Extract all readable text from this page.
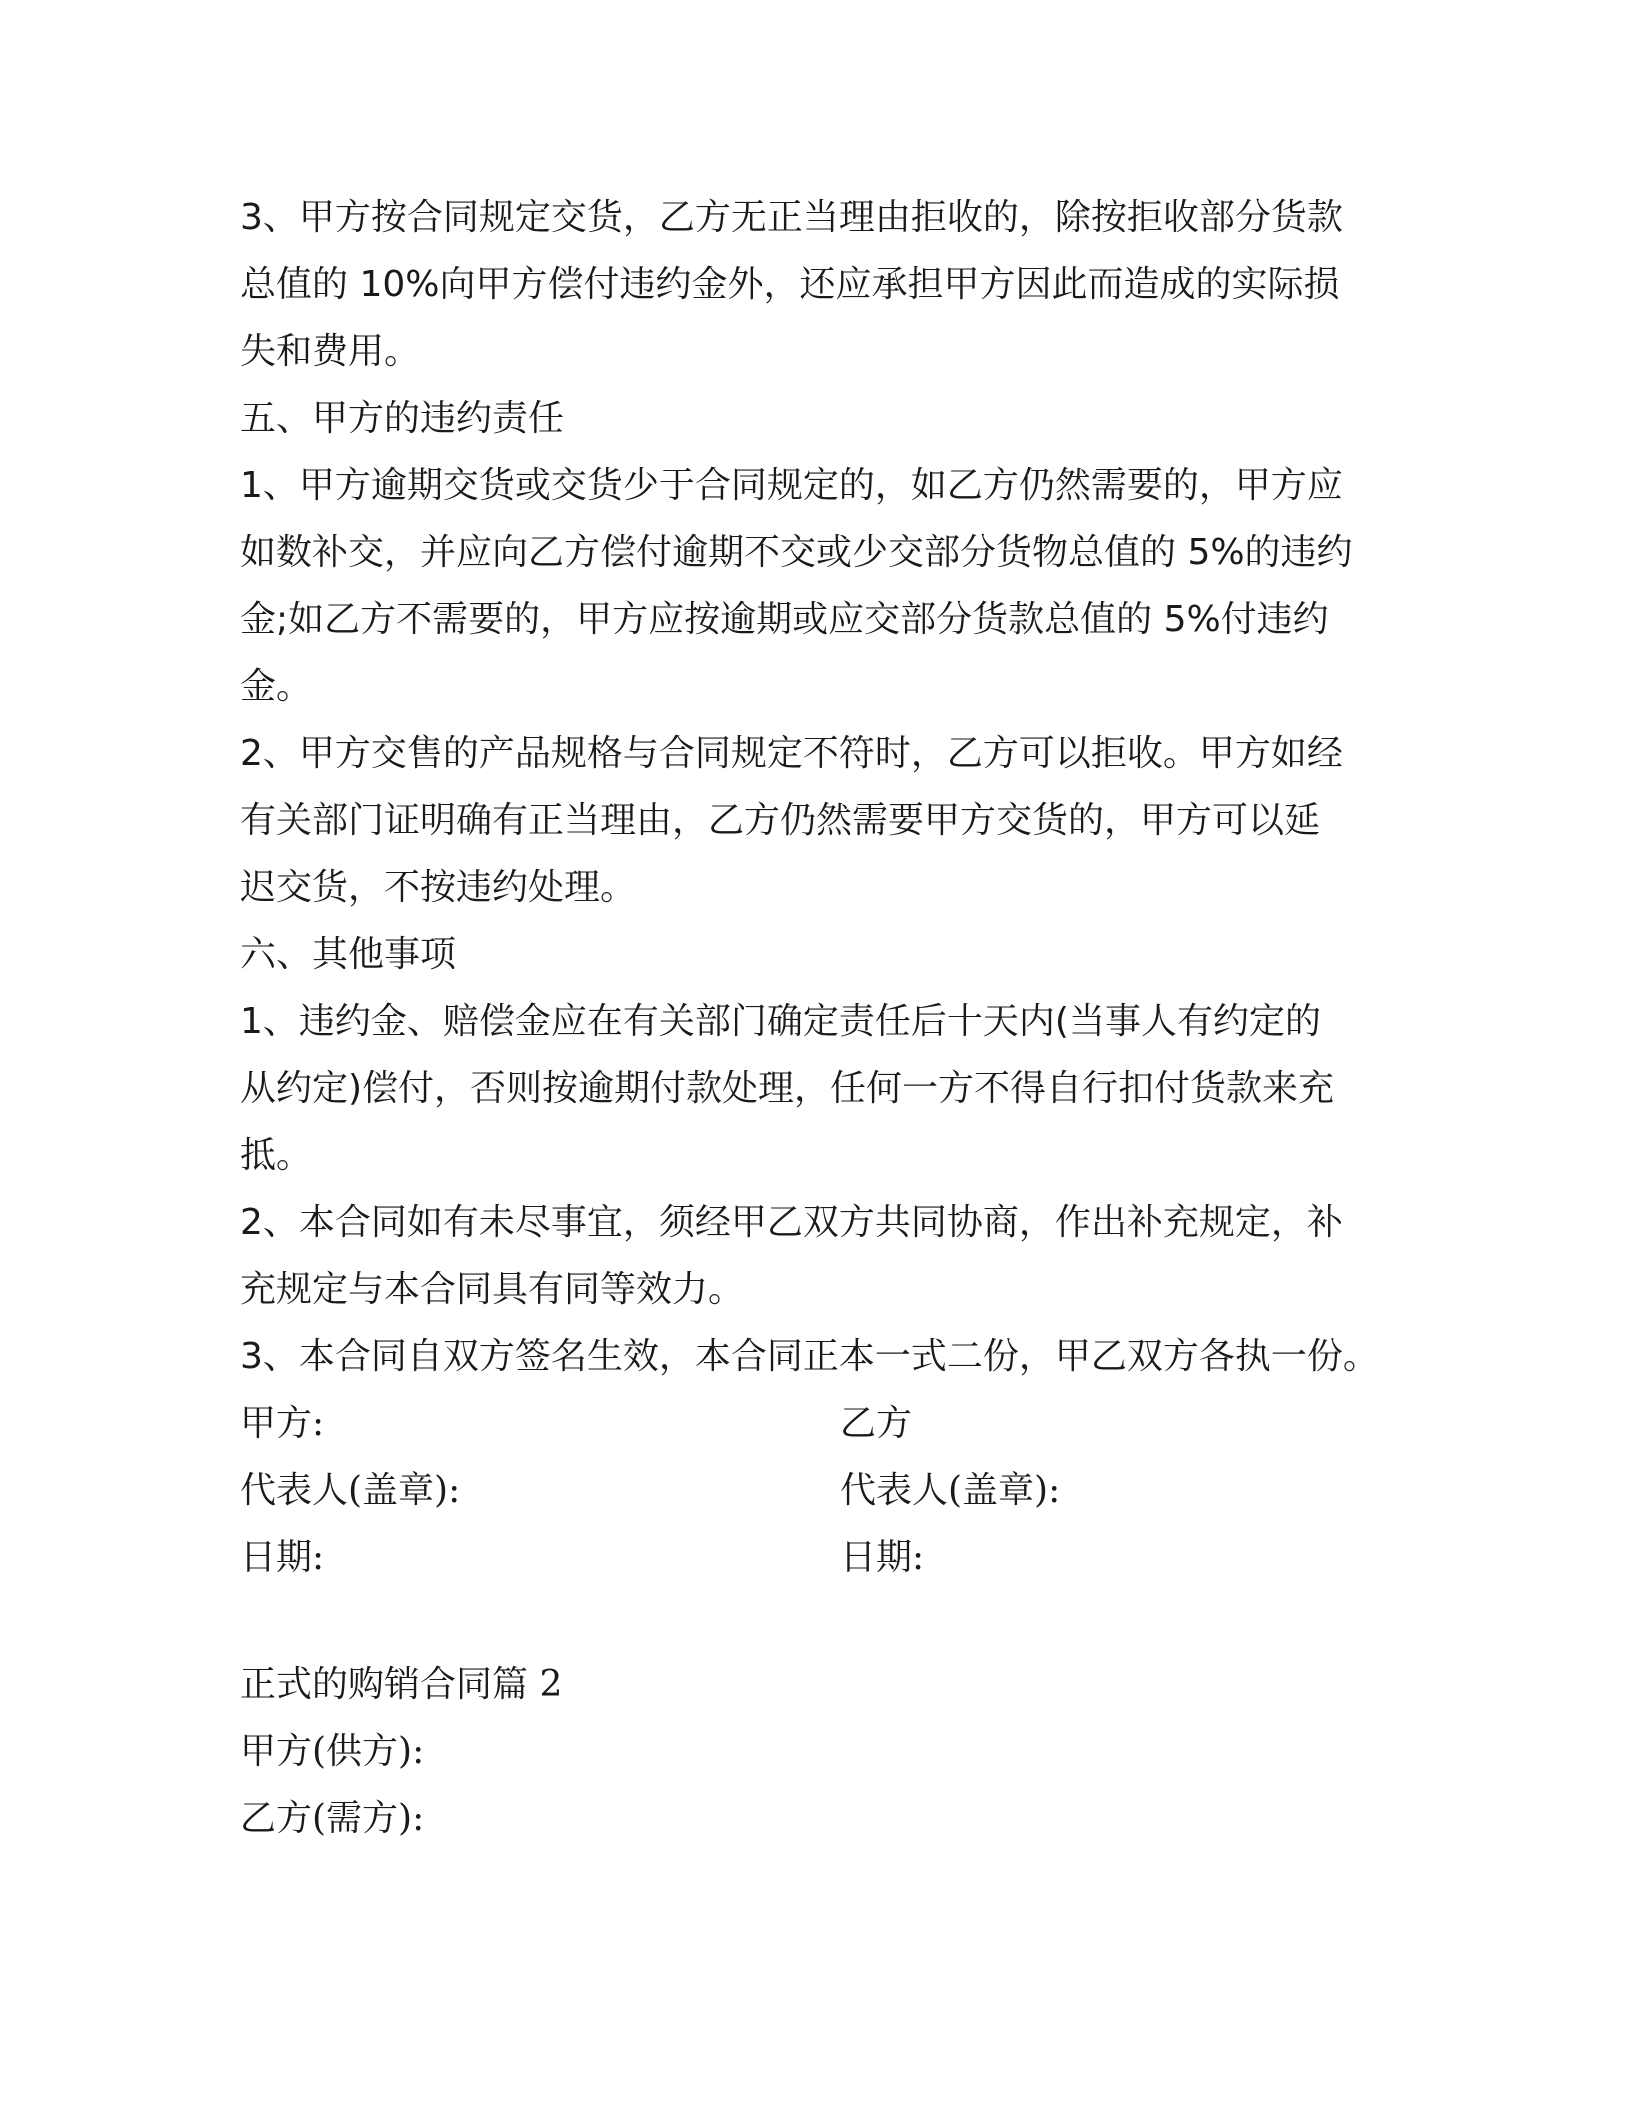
3、甲方按合同规定交货，乙方无正当理由拒收的，除按拒收部分货款
总值的 10%向甲方偿付违约金外，还应承担甲方因此而造成的实际损
失和费用。
五、甲方的违约责任
1、甲方逾期交货或交货少于合同规定的，如乙方仍然需要的，甲方应
如数补交，并应向乙方偿付逾期不交或少交部分货物总值的 5%的违约
金;如乙方不需要的，甲方应按逾期或应交部分货款总值的 5%付违约
金。
2、甲方交售的产品规格与合同规定不符时，乙方可以拒收。甲方如经
有关部门证明确有正当理由，乙方仍然需要甲方交货的，甲方可以延
迟交货，不按违约处理。
六、其他事项
1、违约金、赔偿金应在有关部门确定责任后十天内(当事人有约定的
从约定)偿付，否则按逾期付款处理，任何一方不得自行扣付货款来充
抵。
2、本合同如有未尽事宜，须经甲乙双方共同协商，作出补充规定，补
充规定与本合同具有同等效力。
3、本合同自双方签名生效，本合同正本一式二份，甲乙双方各执一份。
甲方:	乙方
代表人(盖章):	代表人(盖章):
日期:	日期:
正式的购销合同篇 2
甲方(供方):
乙方(需方):
